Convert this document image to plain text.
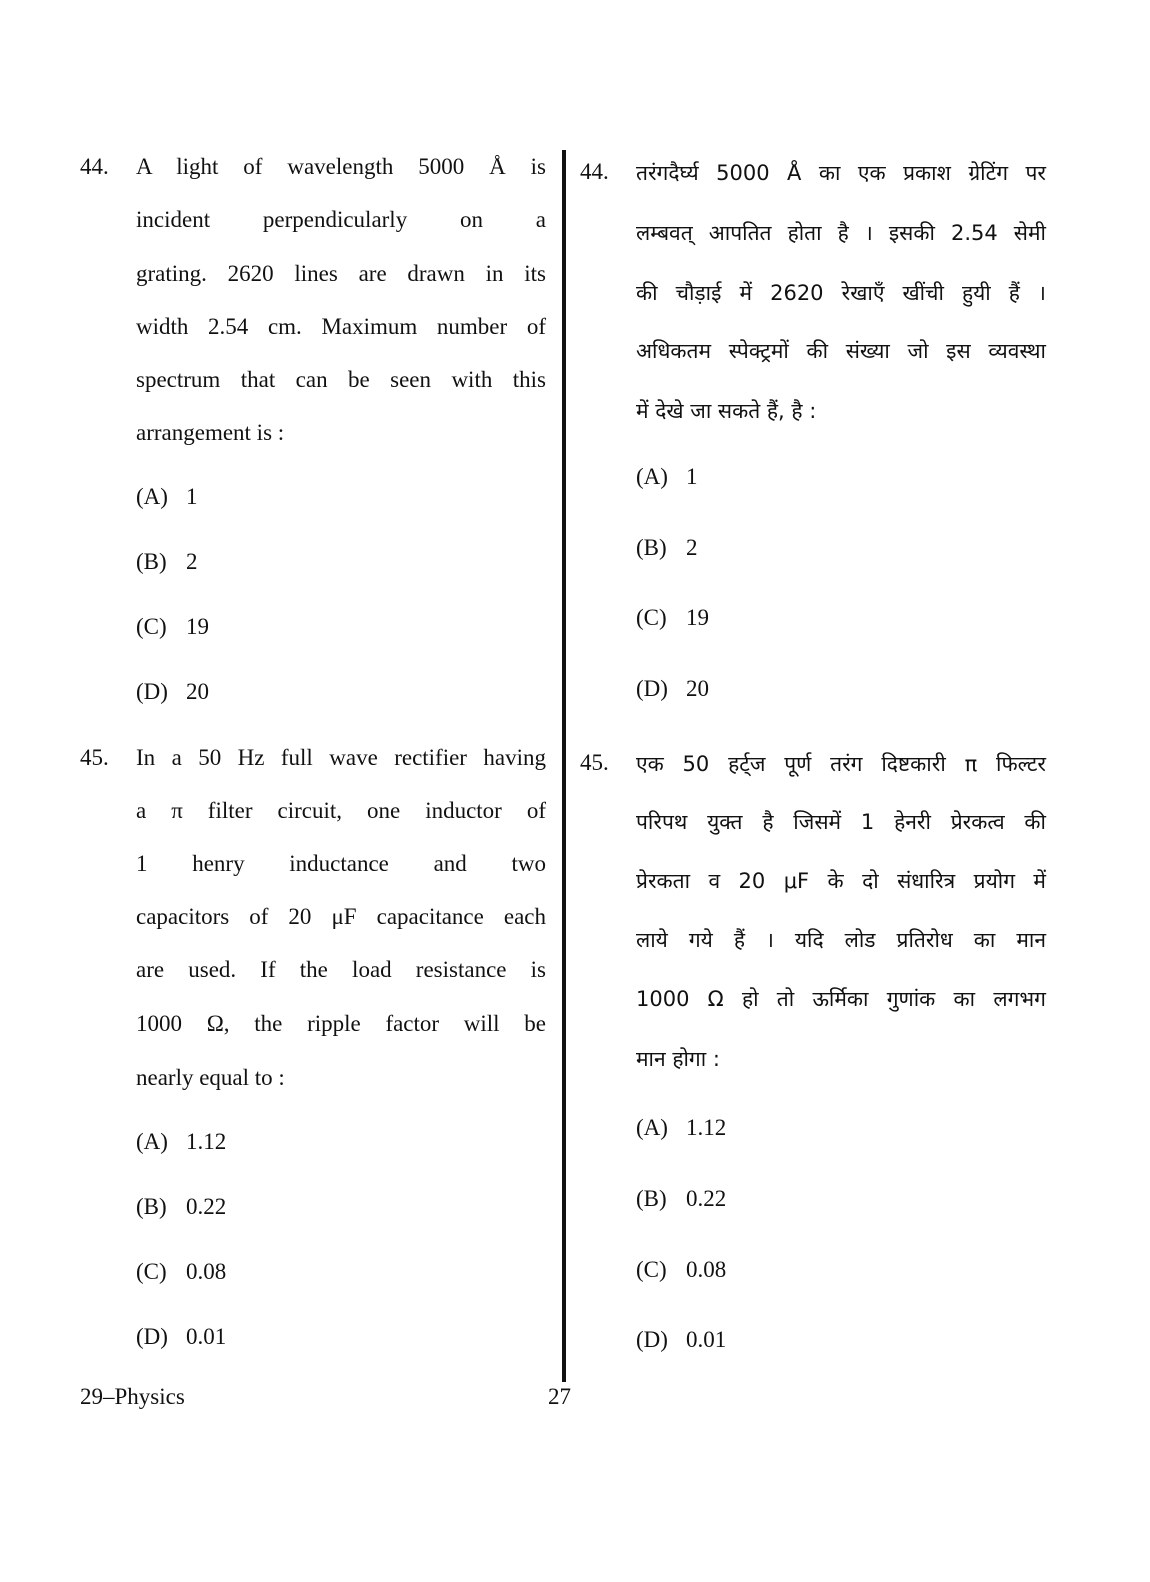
44. A light of wavelength 5000 Å is
incident perpendicularly on a
grating. 2620 lines are drawn in its
width 2.54 cm. Maximum number of
spectrum that can be seen with this
arrangement is :
(A) 1
(B) 2
(C) 19
(D) 20
45. In a 50 Hz full wave rectifier having
a π filter circuit, one inductor of
1 henry inductance and two
capacitors of 20 μF capacitance each
are used. If the load resistance is
1000 Ω, the ripple factor will be
nearly equal to :
(A) 1.12
(B) 0.22
(C) 0.08
(D) 0.01
44. तरंगदैर्घ्य 5000 Å का एक प्रकाश ग्रेटिंग पर
लम्बवत् आपतित होता है । इसकी 2.54 सेमी
की चौड़ाई में 2620 रेखाएँ खींची हुयी हैं ।
अधिकतम स्पेक्ट्रमों की संख्या जो इस व्यवस्था
में देखे जा सकते हैं, है :
(A) 1
(B) 2
(C) 19
(D) 20
45. एक 50 हर्ट्ज पूर्ण तरंग दिष्टकारी π फिल्टर
परिपथ युक्त है जिसमें 1 हेनरी प्रेरकत्व की
प्रेरकता व 20 μF के दो संधारित्र प्रयोग में
लाये गये हैं । यदि लोड प्रतिरोध का मान
1000 Ω हो तो ऊर्मिका गुणांक का लगभग
मान होगा :
(A) 1.12
(B) 0.22
(C) 0.08
(D) 0.01
29–Physics	27
